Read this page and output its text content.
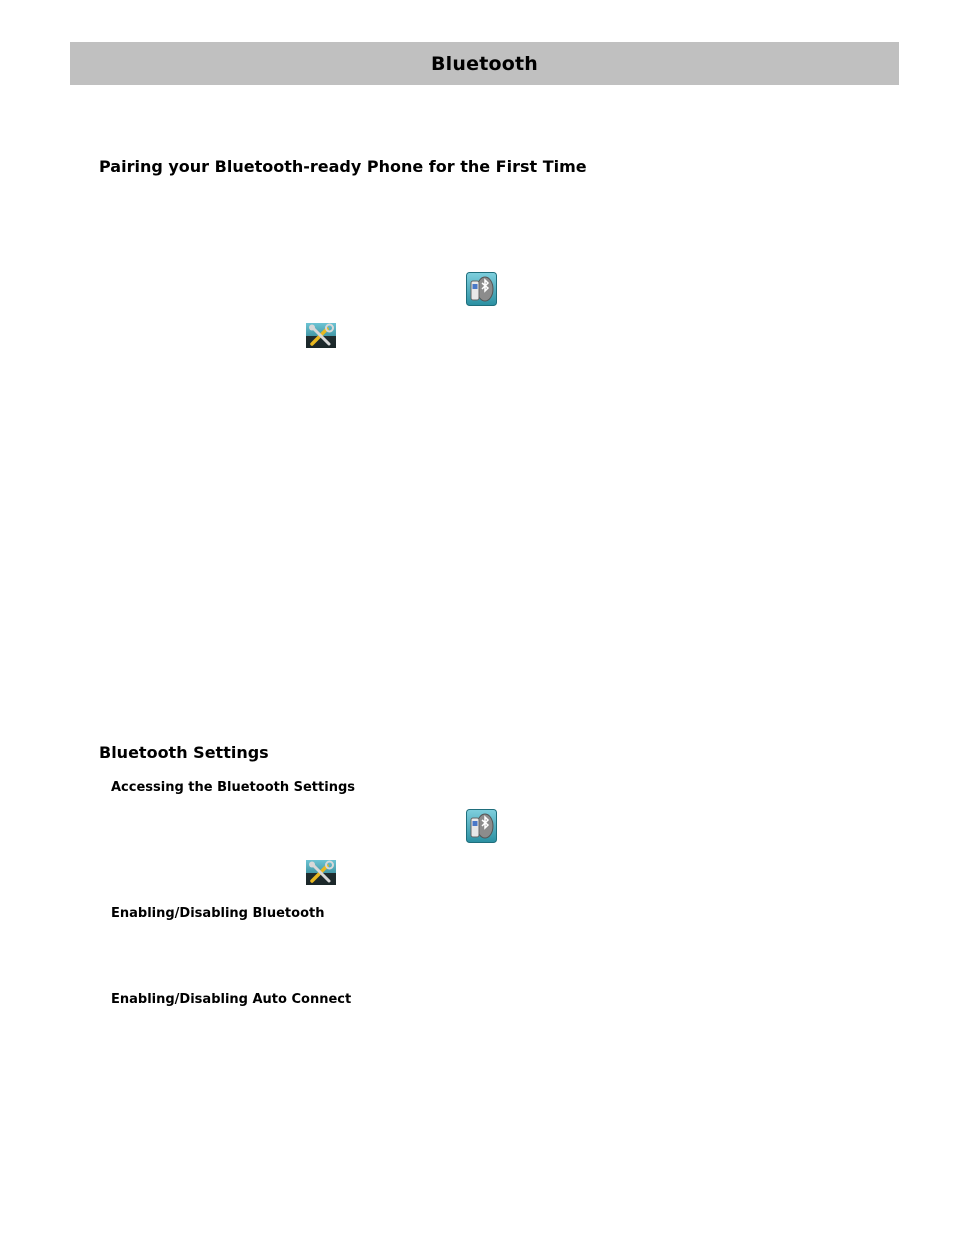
Bluetooth
Pairing your Bluetooth-ready Phone for the First Time
Bluetooth Settings
Accessing the Bluetooth Settings
Enabling/Disabling Bluetooth
Enabling/Disabling Auto Connect
